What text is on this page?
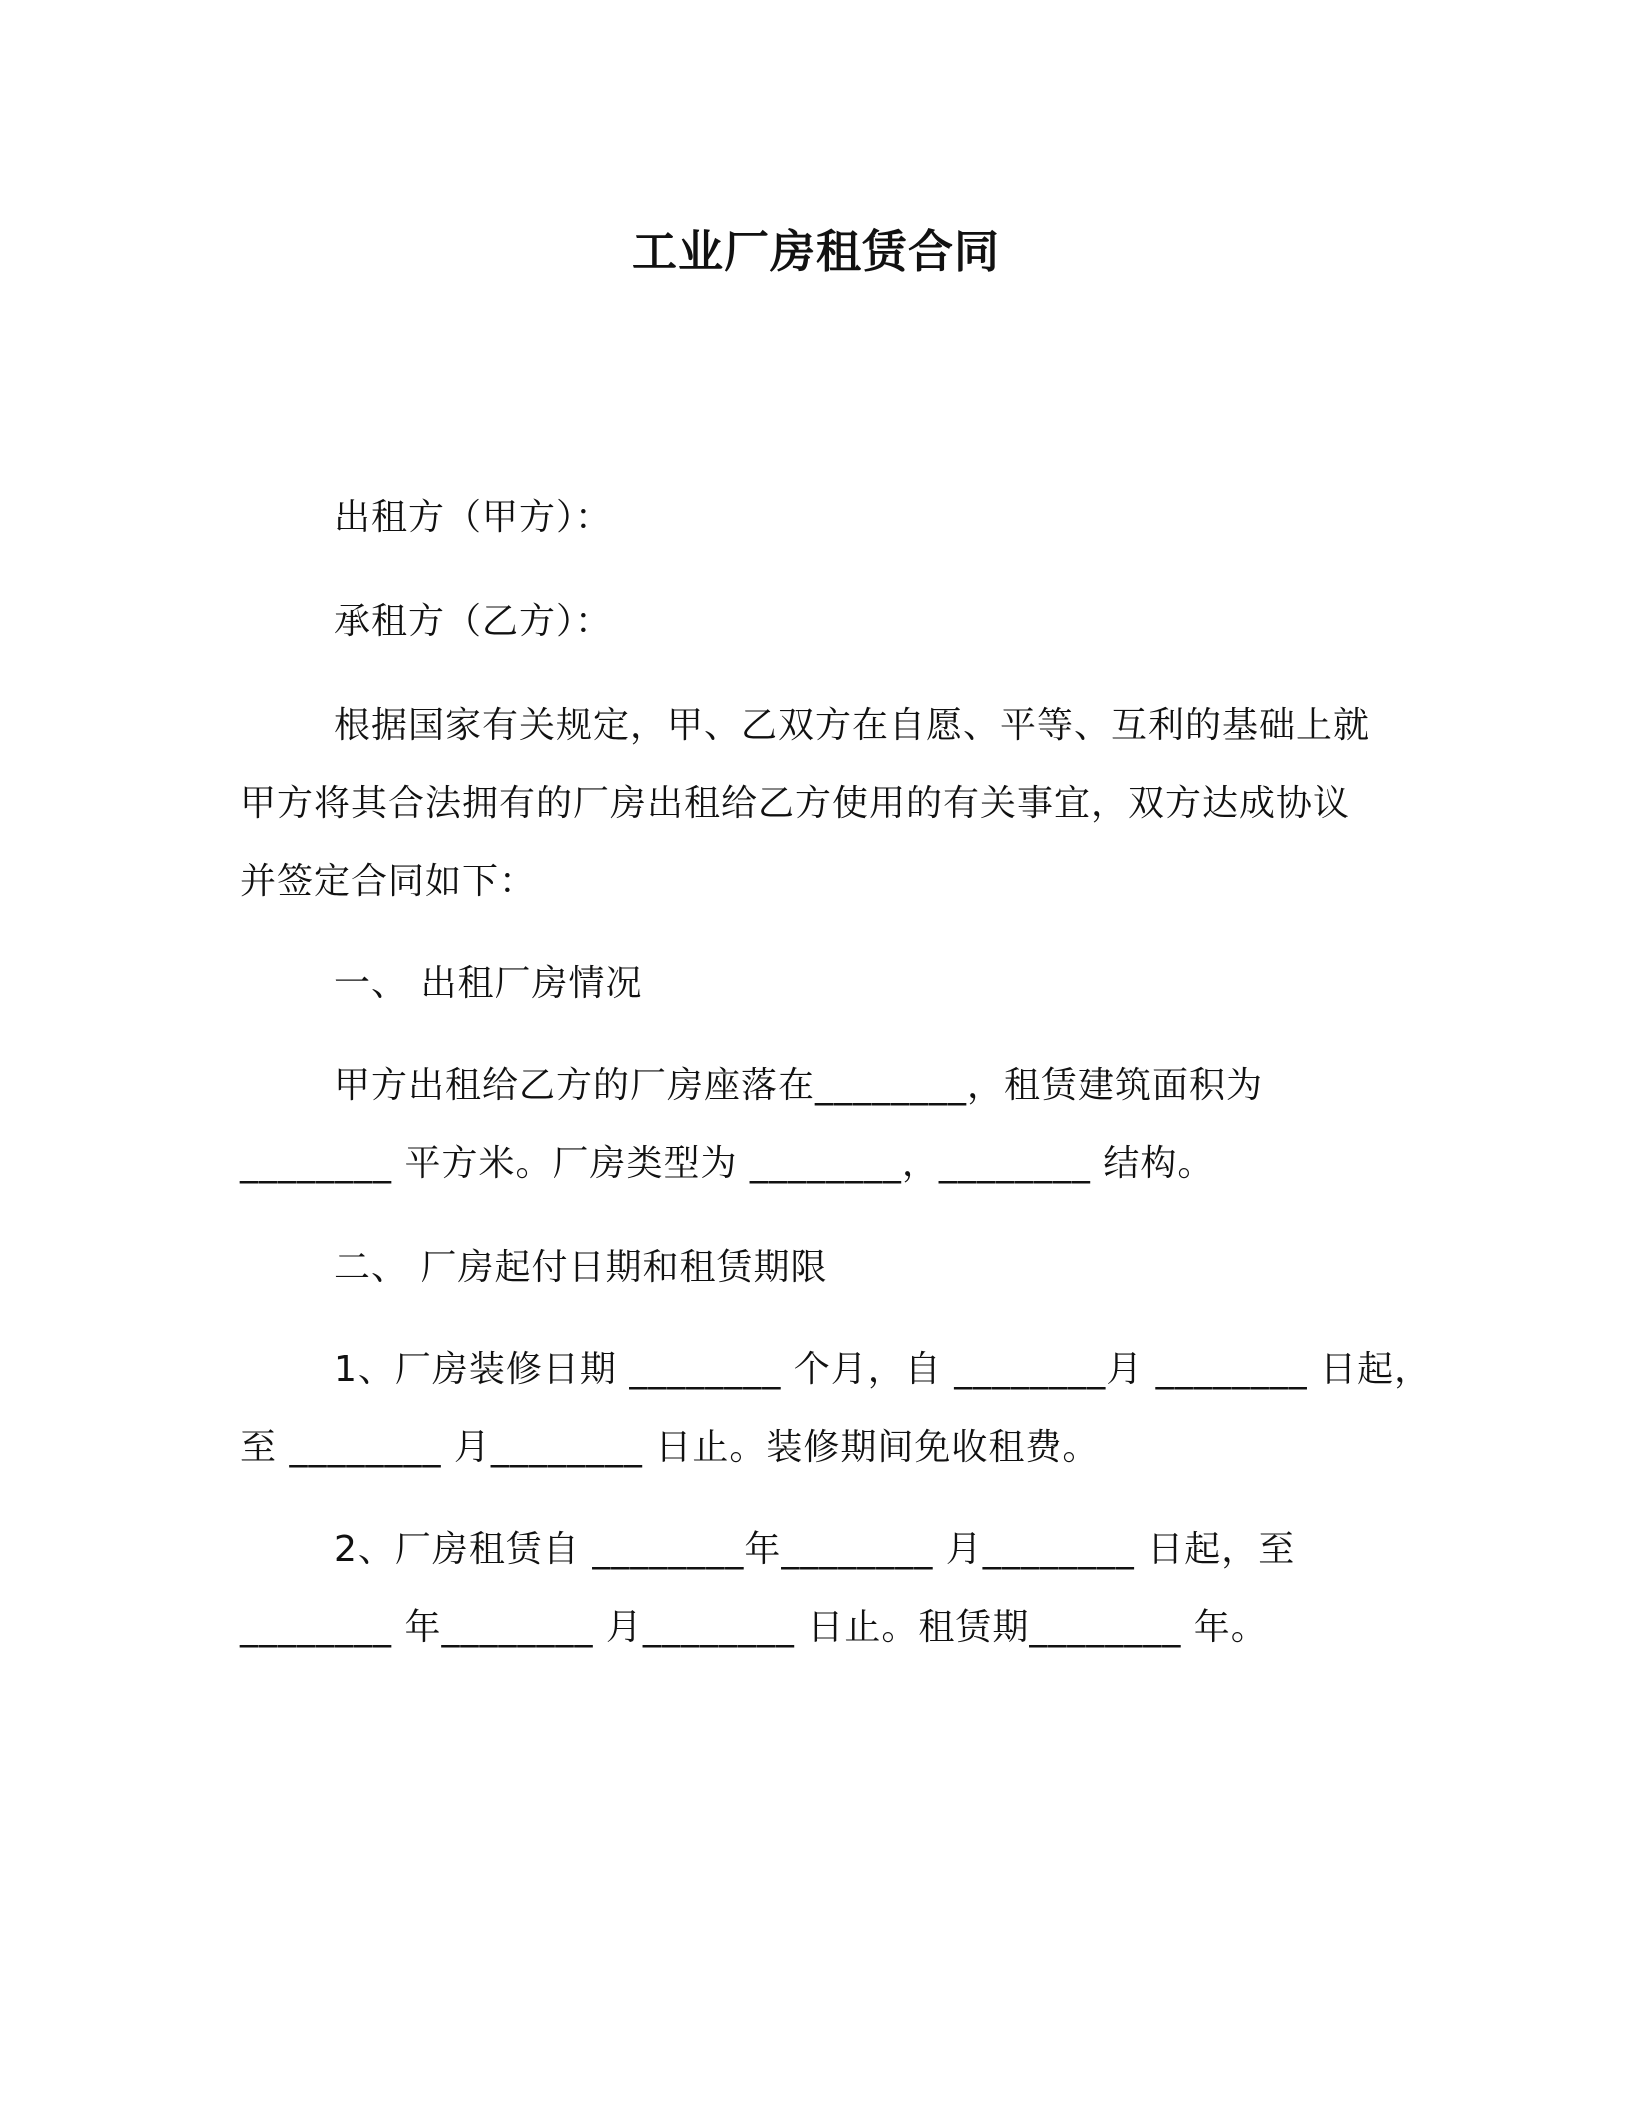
工业厂房租赁合同
出租方（甲方）：
承租方（乙方）：
根据国家有关规定，甲、乙双方在自愿、平等、互利的基础上就
甲方将其合法拥有的厂房出租给乙方使用的有关事宜，双方达成协议
并签定合同如下：
一、 出租厂房情况
甲方出租给乙方的厂房座落在________，租赁建筑面积为
________ 平方米。厂房类型为 ________，________ 结构。
二、 厂房起付日期和租赁期限
1、厂房装修日期 ________ 个月，自 ________月 ________ 日起，
至 ________ 月________ 日止。装修期间免收租费。
2、厂房租赁自 ________年________ 月________ 日起，至
________ 年________ 月________ 日止。租赁期________ 年。
